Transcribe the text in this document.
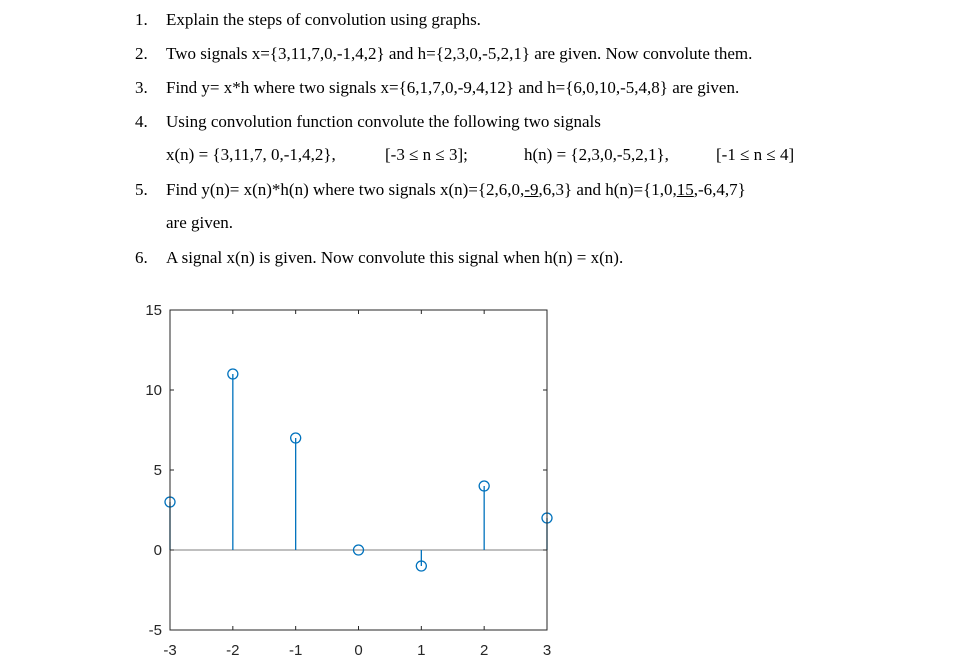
1. Explain the steps of convolution using graphs.
2. Two signals x={3,11,7,0,-1,4,2} and h={2,3,0,-5,2,1} are given. Now convolute them.
3. Find y= x*h where two signals x={6,1,7,0,-9,4,12} and h={6,0,10,-5,4,8} are given.
4. Using convolution function convolute the following two signals
x(n) = {3,11,7, 0,-1,4,2},	[-3 ≤ n ≤ 3];	h(n) = {2,3,0,-5,2,1},	[-1 ≤ n ≤ 4]
5. Find y(n)= x(n)*h(n) where two signals x(n)={2,6,0,-9,6,3} and h(n)={1,0,15,-6,4,7}
are given.
6. A signal x(n) is given. Now convolute this signal when h(n) = x(n).
-5
0
5
10
15
-3	-2	-1	0	1	2	3
